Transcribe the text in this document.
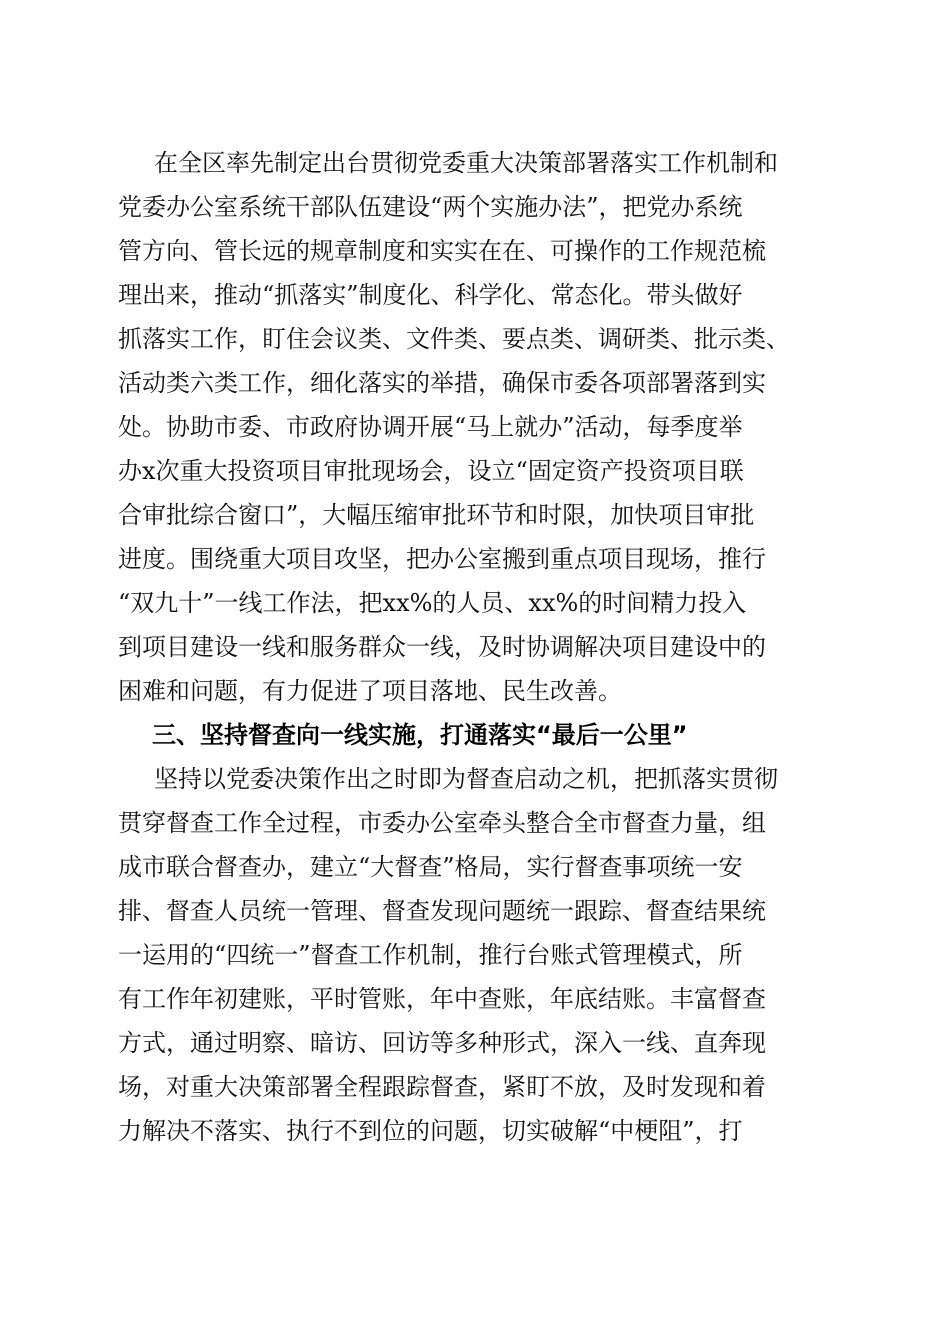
在全区率先制定出台贯彻党委重大决策部署落实工作机制和
党委办公室系统干部队伍建设“两个实施办法”，把党办系统
管方向、管长远的规章制度和实实在在、可操作的工作规范梳
理出来，推动“抓落实”制度化、科学化、常态化。带头做好
抓落实工作，盯住会议类、文件类、要点类、调研类、批示类、
活动类六类工作，细化落实的举措，确保市委各项部署落到实
处。协助市委、市政府协调开展“马上就办”活动，每季度举
办x次重大投资项目审批现场会，设立“固定资产投资项目联
合审批综合窗口”，大幅压缩审批环节和时限，加快项目审批
进度。围绕重大项目攻坚，把办公室搬到重点项目现场，推行
“双九十”一线工作法，把xx%的人员、xx%的时间精力投入
到项目建设一线和服务群众一线，及时协调解决项目建设中的
困难和问题，有力促进了项目落地、民生改善。
三、坚持督查向一线实施，打通落实“最后一公里”
坚持以党委决策作出之时即为督查启动之机，把抓落实贯彻
贯穿督查工作全过程，市委办公室牵头整合全市督查力量，组
成市联合督查办，建立“大督查”格局，实行督查事项统一安
排、督查人员统一管理、督查发现问题统一跟踪、督查结果统
一运用的“四统一”督查工作机制，推行台账式管理模式，所
有工作年初建账，平时管账，年中查账，年底结账。丰富督查
方式，通过明察、暗访、回访等多种形式，深入一线、直奔现
场，对重大决策部署全程跟踪督查，紧盯不放，及时发现和着
力解决不落实、执行不到位的问题，切实破解“中梗阻”，打
